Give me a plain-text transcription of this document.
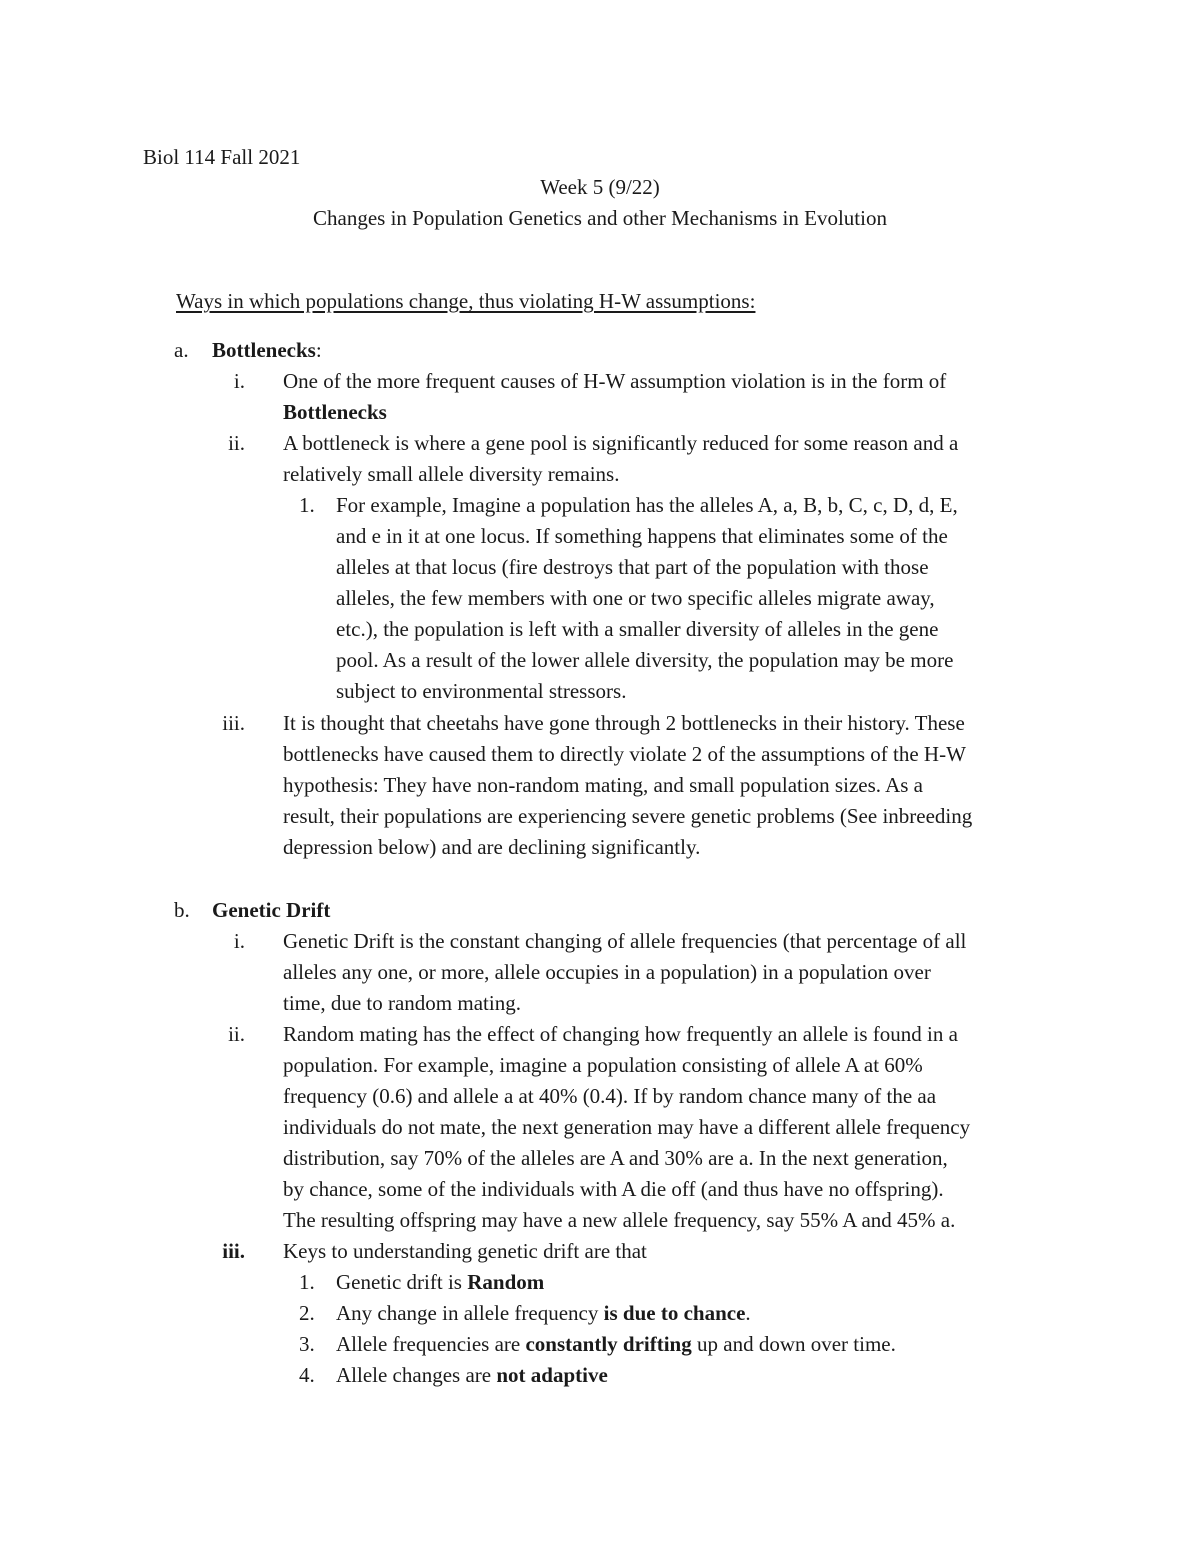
Biol 114 Fall 2021
Week 5 (9/22)
Changes in Population Genetics and other Mechanisms in Evolution
Ways in which populations change, thus violating H-W assumptions:
a. Bottlenecks:
i. One of the more frequent causes of H-W assumption violation is in the form of
Bottlenecks
ii. A bottleneck is where a gene pool is significantly reduced for some reason and a
relatively small allele diversity remains.
1. For example, Imagine a population has the alleles A, a, B, b, C, c, D, d, E,
and e in it at one locus. If something happens that eliminates some of the
alleles at that locus (fire destroys that part of the population with those
alleles, the few members with one or two specific alleles migrate away,
etc.), the population is left with a smaller diversity of alleles in the gene
pool. As a result of the lower allele diversity, the population may be more
subject to environmental stressors.
iii. It is thought that cheetahs have gone through 2 bottlenecks in their history. These
bottlenecks have caused them to directly violate 2 of the assumptions of the H-W
hypothesis: They have non-random mating, and small population sizes. As a
result, their populations are experiencing severe genetic problems (See inbreeding
depression below) and are declining significantly.
b. Genetic Drift
i. Genetic Drift is the constant changing of allele frequencies (that percentage of all
alleles any one, or more, allele occupies in a population) in a population over
time, due to random mating.
ii. Random mating has the effect of changing how frequently an allele is found in a
population. For example, imagine a population consisting of allele A at 60%
frequency (0.6) and allele a at 40% (0.4). If by random chance many of the aa
individuals do not mate, the next generation may have a different allele frequency
distribution, say 70% of the alleles are A and 30% are a. In the next generation,
by chance, some of the individuals with A die off (and thus have no offspring).
The resulting offspring may have a new allele frequency, say 55% A and 45% a.
iii. Keys to understanding genetic drift are that
1. Genetic drift is Random
2. Any change in allele frequency is due to chance.
3. Allele frequencies are constantly drifting up and down over time.
4. Allele changes are not adaptive
